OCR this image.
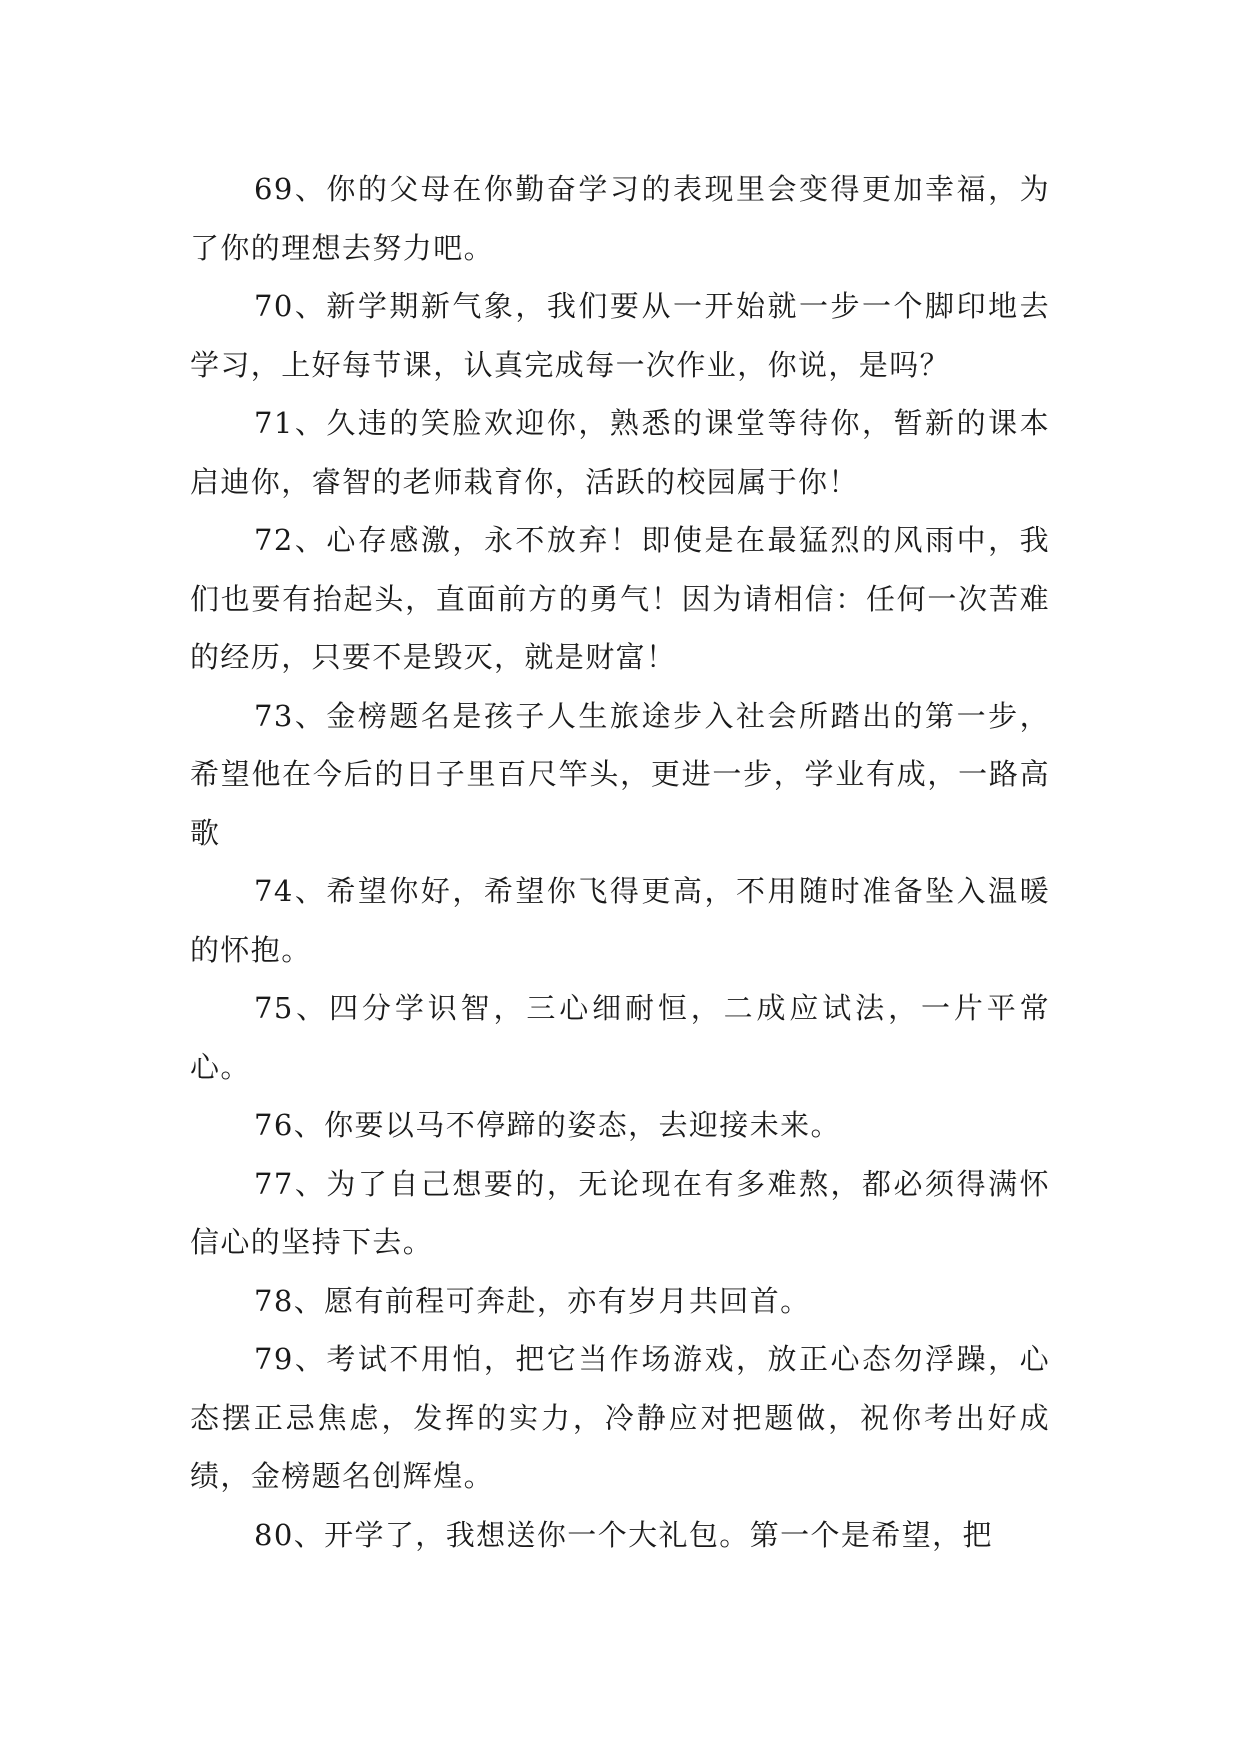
69、你的父母在你勤奋学习的表现里会变得更加幸福，为了你的理想去努力吧。

70、新学期新气象，我们要从一开始就一步一个脚印地去学习，上好每节课，认真完成每一次作业，你说，是吗？

71、久违的笑脸欢迎你，熟悉的课堂等待你，暂新的课本启迪你，睿智的老师栽育你，活跃的校园属于你！

72、心存感激，永不放弃！即使是在最猛烈的风雨中，我们也要有抬起头，直面前方的勇气！因为请相信：任何一次苦难的经历，只要不是毁灭，就是财富！

73、金榜题名是孩子人生旅途步入社会所踏出的第一步，希望他在今后的日子里百尺竿头，更进一步，学业有成，一路高歌

74、希望你好，希望你飞得更高，不用随时准备坠入温暖的怀抱。

75、四分学识智，三心细耐恒，二成应试法，一片平常心。

76、你要以马不停蹄的姿态，去迎接未来。

77、为了自己想要的，无论现在有多难熬，都必须得满怀信心的坚持下去。

78、愿有前程可奔赴，亦有岁月共回首。

79、考试不用怕，把它当作场游戏，放正心态勿浮躁，心态摆正忌焦虑，发挥的实力，冷静应对把题做，祝你考出好成绩，金榜题名创辉煌。

80、开学了，我想送你一个大礼包。第一个是希望，把
